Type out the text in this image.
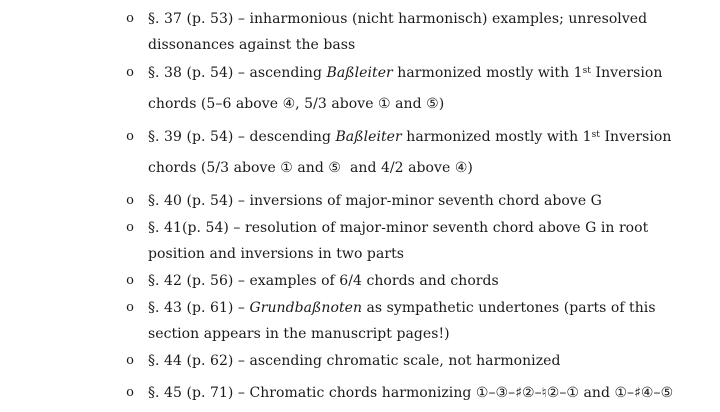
o §. 37 (p. 53) – inharmonious (nicht harmonisch) examples; unresolved
dissonances against the bass
o §. 38 (p. 54) – ascending Baßleiter harmonized mostly with 1st Inversion
chords (5–6 above ④, 5/3 above ① and ⑤)
o §. 39 (p. 54) – descending Baßleiter harmonized mostly with 1st Inversion
chords (5/3 above ① and ⑤  and 4/2 above ④)
o §. 40 (p. 54) – inversions of major-minor seventh chord above G
o §. 41(p. 54) – resolution of major-minor seventh chord above G in root
position and inversions in two parts
o §. 42 (p. 56) – examples of 6/4 chords and chords
o §. 43 (p. 61) – Grundbaßnoten as sympathetic undertones (parts of this
section appears in the manuscript pages!)
o §. 44 (p. 62) – ascending chromatic scale, not harmonized
o §. 45 (p. 71) – Chromatic chords harmonizing ①–③–♯②–♮②–① and ①–♯④–⑤
